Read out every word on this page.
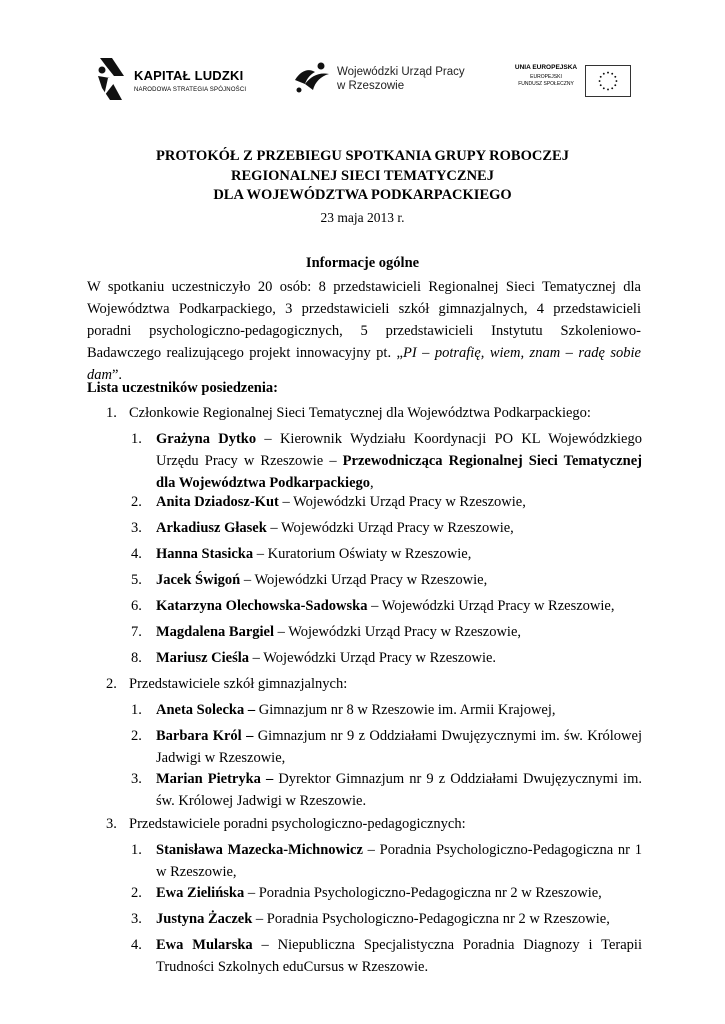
KAPITAŁ LUDZKI
NARODOWA STRATEGIA SPÓJNOŚCI
Wojewódzki Urząd Pracy
w Rzeszowie
UNIA EUROPEJSKA
EUROPEJSKI
FUNDUSZ SPOŁECZNY
PROTOKÓŁ Z PRZEBIEGU SPOTKANIA GRUPY ROBOCZEJ
REGIONALNEJ SIECI TEMATYCZNEJ
DLA WOJEWÓDZTWA PODKARPACKIEGO
23 maja 2013 r.
Informacje ogólne
W spotkaniu uczestniczyło 20 osób: 8 przedstawicieli Regionalnej Sieci Tematycznej dla Województwa Podkarpackiego, 3 przedstawicieli szkół gimnazjalnych, 4 przedstawicieli poradni psychologiczno-pedagogicznych, 5 przedstawicieli Instytutu Szkoleniowo-Badawczego realizującego projekt innowacyjny pt. „PI – potrafię, wiem, znam – radę sobie dam”.
Lista uczestników posiedzenia:
1. Członkowie Regionalnej Sieci Tematycznej dla Województwa Podkarpackiego:
1. Grażyna Dytko – Kierownik Wydziału Koordynacji PO KL Wojewódzkiego Urzędu Pracy w Rzeszowie – Przewodnicząca Regionalnej Sieci Tematycznej dla Województwa Podkarpackiego,
2. Anita Dziadosz-Kut – Wojewódzki Urząd Pracy w Rzeszowie,
3. Arkadiusz Głasek – Wojewódzki Urząd Pracy w Rzeszowie,
4. Hanna Stasicka – Kuratorium Oświaty w Rzeszowie,
5. Jacek Świgoń – Wojewódzki Urząd Pracy w Rzeszowie,
6. Katarzyna Olechowska-Sadowska – Wojewódzki Urząd Pracy w Rzeszowie,
7. Magdalena Bargiel – Wojewódzki Urząd Pracy w Rzeszowie,
8. Mariusz Cieśla – Wojewódzki Urząd Pracy w Rzeszowie.
2. Przedstawiciele szkół gimnazjalnych:
1. Aneta Solecka – Gimnazjum nr 8 w Rzeszowie im. Armii Krajowej,
2. Barbara Król – Gimnazjum nr 9 z Oddziałami Dwujęzycznymi im. św. Królowej Jadwigi w Rzeszowie,
3. Marian Pietryka – Dyrektor Gimnazjum nr 9 z Oddziałami Dwujęzycznymi im. św. Królowej Jadwigi w Rzeszowie.
3. Przedstawiciele poradni psychologiczno-pedagogicznych:
1. Stanisława Mazecka-Michnowicz – Poradnia Psychologiczno-Pedagogiczna nr 1 w Rzeszowie,
2. Ewa Zielińska – Poradnia Psychologiczno-Pedagogiczna nr 2 w Rzeszowie,
3. Justyna Żaczek – Poradnia Psychologiczno-Pedagogiczna nr 2 w Rzeszowie,
4. Ewa Mularska – Niepubliczna Specjalistyczna Poradnia Diagnozy i Terapii Trudności Szkolnych eduCursus w Rzeszowie.
